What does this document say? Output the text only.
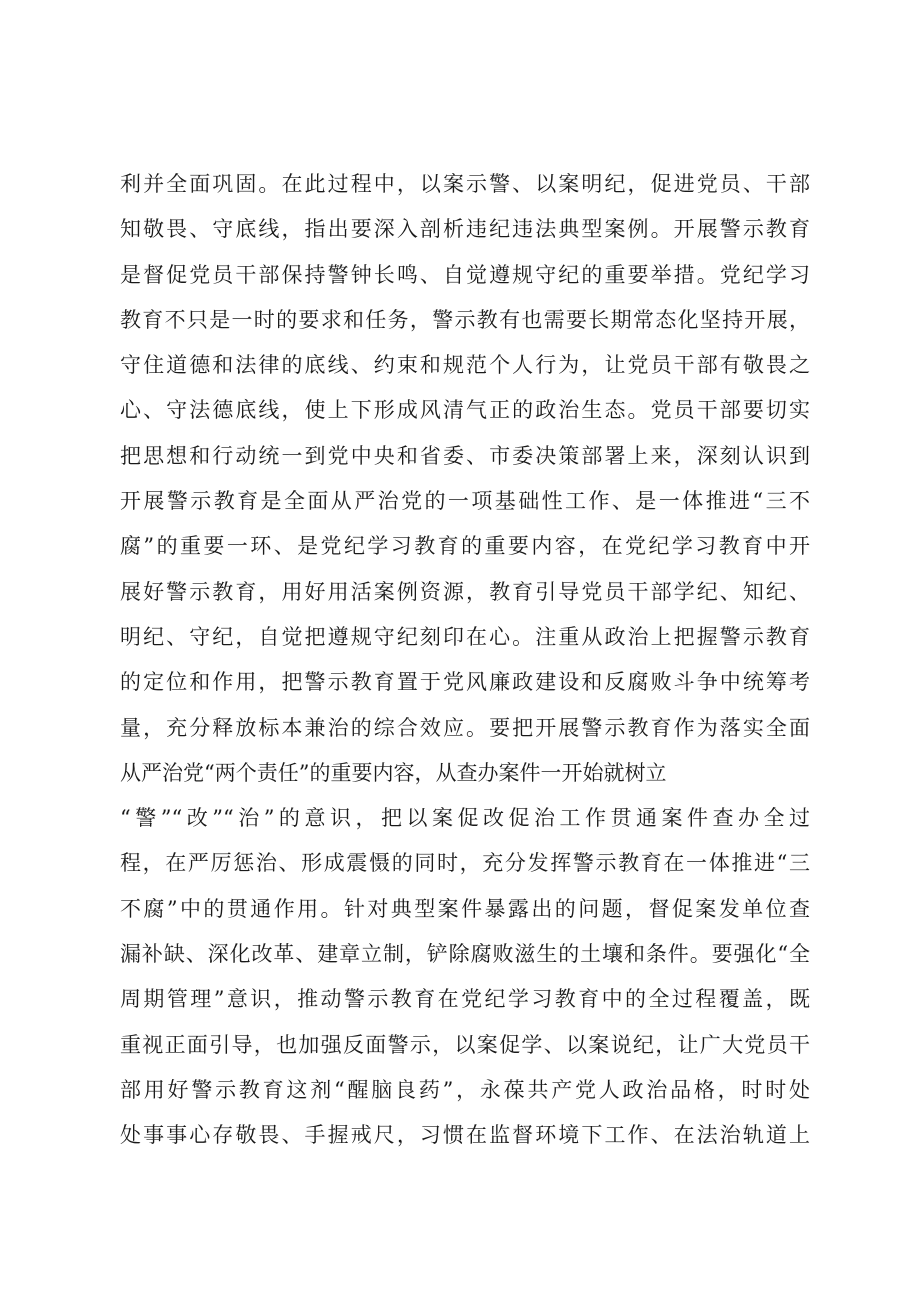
利并全面巩固。在此过程中，以案示警、以案明纪，促进党员、干部
知敬畏、守底线，指出要深入剖析违纪违法典型案例。开展警示教育
是督促党员干部保持警钟长鸣、自觉遵规守纪的重要举措。党纪学习
教育不只是一时的要求和任务，警示教有也需要长期常态化坚持开展，
守住道德和法律的底线、约束和规范个人行为，让党员干部有敬畏之
心、守法德底线，使上下形成风清气正的政治生态。党员干部要切实
把思想和行动统一到党中央和省委、市委决策部署上来，深刻认识到
开展警示教育是全面从严治党的一项基础性工作、是一体推进“三不
腐”的重要一环、是党纪学习教育的重要内容，在党纪学习教育中开
展好警示教育，用好用活案例资源，教育引导党员干部学纪、知纪、
明纪、守纪，自觉把遵规守纪刻印在心。注重从政治上把握警示教育
的定位和作用，把警示教育置于党风廉政建设和反腐败斗争中统筹考
量，充分释放标本兼治的综合效应。要把开展警示教育作为落实全面
从严治党“两个责任”的重要内容，从查办案件一开始就树立
“警”“改”“治”的意识，把以案促改促治工作贯通案件查办全过
程，在严厉惩治、形成震慑的同时，充分发挥警示教育在一体推进“三
不腐”中的贯通作用。针对典型案件暴露出的问题，督促案发单位查
漏补缺、深化改革、建章立制，铲除腐败滋生的土壤和条件。要强化“全
周期管理”意识，推动警示教育在党纪学习教育中的全过程覆盖，既
重视正面引导，也加强反面警示，以案促学、以案说纪，让广大党员干
部用好警示教育这剂“醒脑良药”，永葆共产党人政治品格，时时处
处事事心存敬畏、手握戒尺，习惯在监督环境下工作、在法治轨道上
